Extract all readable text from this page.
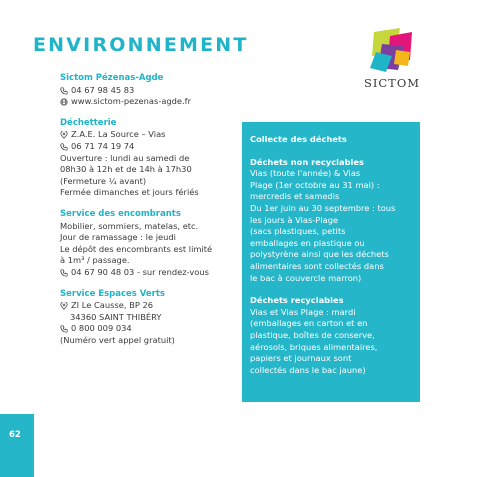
ENVIRONNEMENT
SICTOM
Sictom Pézenas-Agde
04 67 98 45 83
www.sictom-pezenas-agde.fr
Déchetterie
Z.A.E. La Source – Vias
06 71 74 19 74
Ouverture : lundi au samedi de
08h30 à 12h et de 14h à 17h30
(Fermeture ¼ avant)
Fermée dimanches et jours fériés
Service des encombrants
Mobilier, sommiers, matelas, etc.
Jour de ramassage : le jeudi
Le dépôt des encombrants est limité
à 1m³ / passage.
04 67 90 48 03 - sur rendez-vous
Service Espaces Verts
ZI Le Causse, BP 26
34360 SAINT THIBÉRY
0 800 009 034
(Numéro vert appel gratuit)
Collecte des déchets
Déchets non recyclables
Vias (toute l'année) & Vias
Plage (1er octobre au 31 mai) :
mercredis et samedis
Du 1er juin au 30 septembre : tous
les jours à Vias-Plage
(sacs plastiques, petits
emballages en plastique ou
polystyrène ainsi que les déchets
alimentaires sont collectés dans
le bac à couvercle marron)
Déchets recyclables
Vias et Vias Plage : mardi
(emballages en carton et en
plastique, boîtes de conserve,
aérosols, briques alimentaires,
papiers et journaux sont
collectés dans le bac jaune)
62
